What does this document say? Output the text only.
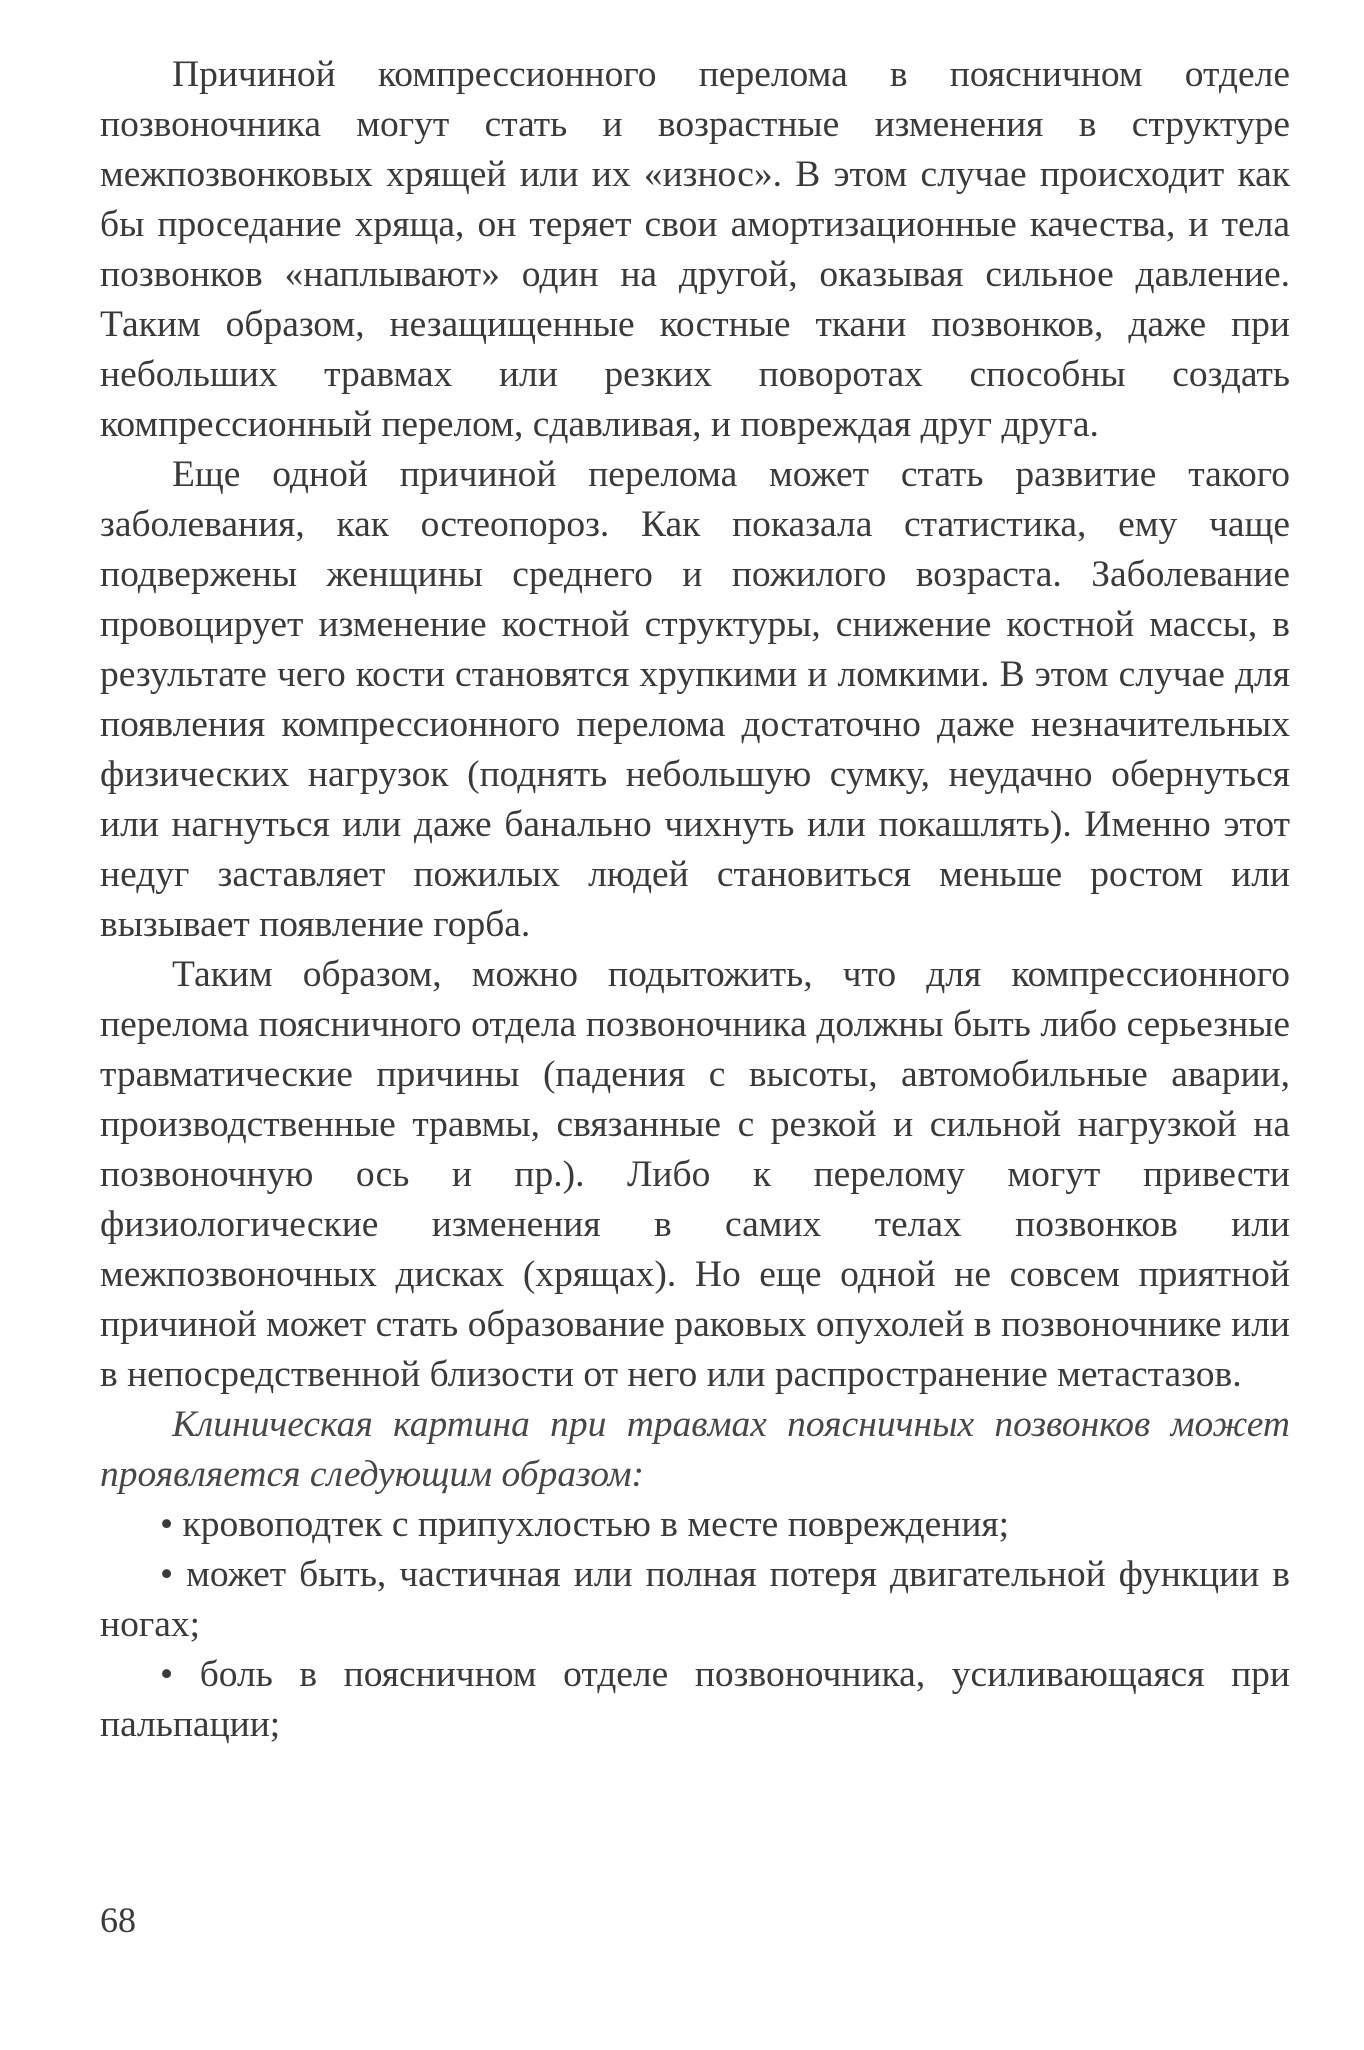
Причиной компрессионного перелома в поясничном отделе позвоночника могут стать и возрастные изменения в структуре межпозвонковых хрящей или их «износ». В этом случае происходит как бы проседание хряща, он теряет свои амортизационные качества, и тела позвонков «наплывают» один на другой, оказывая сильное давление. Таким образом, незащищенные костные ткани позвонков, даже при небольших травмах или резких поворотах способны создать компрессионный перелом, сдавливая, и повреждая друг друга.

Еще одной причиной перелома может стать развитие такого заболевания, как остеопороз. Как показала статистика, ему чаще подвержены женщины среднего и пожилого возраста. Заболевание провоцирует изменение костной структуры, снижение костной массы, в результате чего кости становятся хрупкими и ломкими. В этом случае для появления компрессионного перелома достаточно даже незначительных физических нагрузок (поднять небольшую сумку, неудачно обернуться или нагнуться или даже банально чихнуть или покашлять). Именно этот недуг заставляет пожилых людей становиться меньше ростом или вызывает появление горба.

Таким образом, можно подытожить, что для компрессионного перелома поясничного отдела позвоночника должны быть либо серьезные травматические причины (падения с высоты, автомобильные аварии, производственные травмы, связанные с резкой и сильной нагрузкой на позвоночную ось и пр.). Либо к перелому могут привести физиологические изменения в самих телах позвонков или межпозвоночных дисках (хрящах). Но еще одной не совсем приятной причиной может стать образование раковых опухолей в позвоночнике или в непосредственной близости от него или распространение метастазов.

Клиническая картина при травмах поясничных позвонков может проявляется следующим образом:

• кровоподтек с припухлостью в месте повреждения;

• может быть, частичная или полная потеря двигательной функции в ногах;

• боль в поясничном отделе позвоночника, усиливающаяся при пальпации;

68
